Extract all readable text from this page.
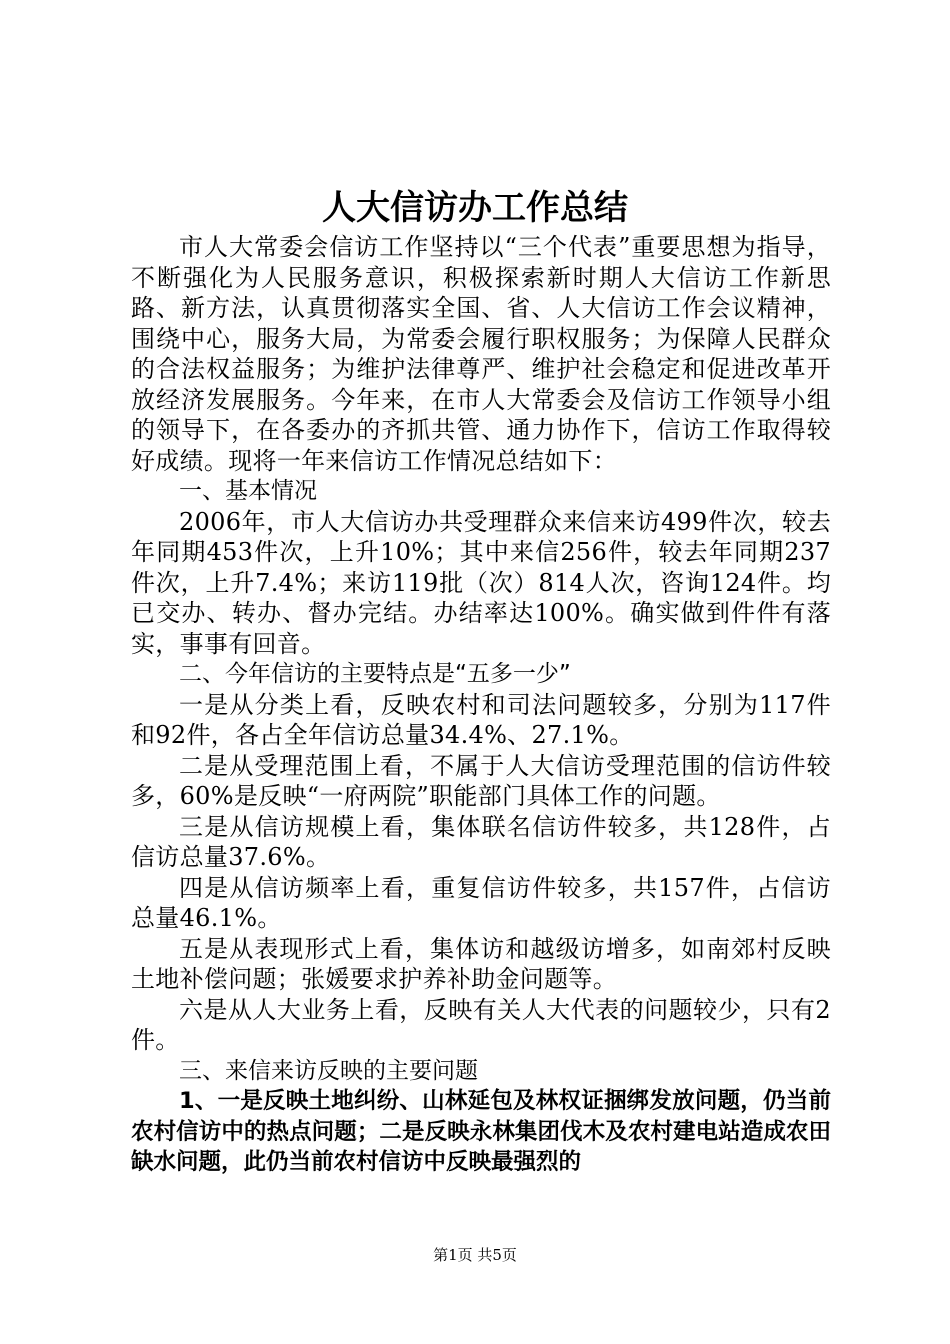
人大信访办工作总结

市人大常委会信访工作坚持以“三个代表”重要思想为指导，不断强化为人民服务意识，积极探索新时期人大信访工作新思路、新方法，认真贯彻落实全国、省、人大信访工作会议精神，围绕中心，服务大局，为常委会履行职权服务；为保障人民群众的合法权益服务；为维护法律尊严、维护社会稳定和促进改革开放经济发展服务。今年来，在市人大常委会及信访工作领导小组的领导下，在各委办的齐抓共管、通力协作下，信访工作取得较好成绩。现将一年来信访工作情况总结如下：

一、基本情况

2006年，市人大信访办共受理群众来信来访499件次，较去年同期453件次，上升10%；其中来信256件，较去年同期237件次，上升7.4%；来访119批（次）814人次，咨询124件。均已交办、转办、督办完结。办结率达100%。确实做到件件有落实，事事有回音。

二、今年信访的主要特点是“五多一少”

一是从分类上看，反映农村和司法问题较多，分别为117件和92件，各占全年信访总量34.4%、27.1%。

二是从受理范围上看，不属于人大信访受理范围的信访件较多，60%是反映“一府两院”职能部门具体工作的问题。

三是从信访规模上看，集体联名信访件较多，共128件，占信访总量37.6%。

四是从信访频率上看，重复信访件较多，共157件，占信访总量46.1%。

五是从表现形式上看，集体访和越级访增多，如南郊村反映土地补偿问题；张媛要求护养补助金问题等。

六是从人大业务上看，反映有关人大代表的问题较少，只有2件。

三、来信来访反映的主要问题

1、一是反映土地纠纷、山林延包及林权证捆绑发放问题，仍当前农村信访中的热点问题；二是反映永林集团伐木及农村建电站造成农田缺水问题，此仍当前农村信访中反映最强烈的

第1页 共5页
